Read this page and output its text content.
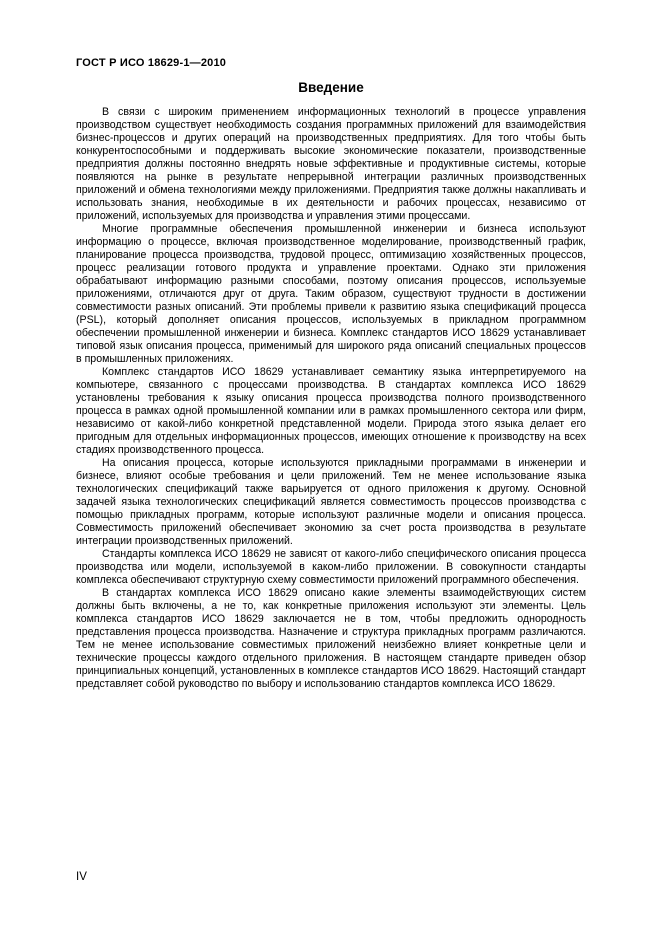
ГОСТ Р ИСО 18629-1—2010
Введение

В связи с широким применением информационных технологий в процессе управления производством существует необходимость создания программных приложений для взаимодействия бизнес-процессов и других операций на производственных предприятиях. Для того чтобы быть конкурентоспособными и поддерживать высокие экономические показатели, производственные предприятия должны постоянно внедрять новые эффективные и продуктивные системы, которые появляются на рынке в результате непрерывной интеграции различных производственных приложений и обмена технологиями между приложениями. Предприятия также должны накапливать и использовать знания, необходимые в их деятельности и рабочих процессах, независимо от приложений, используемых для производства и управления этими процессами.

Многие программные обеспечения промышленной инженерии и бизнеса используют информацию о процессе, включая производственное моделирование, производственный график, планирование процесса производства, трудовой процесс, оптимизацию хозяйственных процессов, процесс реализации готового продукта и управление проектами. Однако эти приложения обрабатывают информацию разными способами, поэтому описания процессов, используемые приложениями, отличаются друг от друга. Таким образом, существуют трудности в достижении совместимости разных описаний. Эти проблемы привели к развитию языка спецификаций процесса (PSL), который дополняет описания процессов, используемых в прикладном программном обеспечении промышленной инженерии и бизнеса. Комплекс стандартов ИСО 18629 устанавливает типовой язык описания процесса, применимый для широкого ряда описаний специальных процессов в промышленных приложениях.

Комплекс стандартов ИСО 18629 устанавливает семантику языка интерпретируемого на компьютере, связанного с процессами производства. В стандартах комплекса ИСО 18629 установлены требования к языку описания процесса производства полного производственного процесса в рамках одной промышленной компании или в рамках промышленного сектора или фирм, независимо от какой-либо конкретной представленной модели. Природа этого языка делает его пригодным для отдельных информационных процессов, имеющих отношение к производству на всех стадиях производственного процесса.

На описания процесса, которые используются прикладными программами в инженерии и бизнесе, влияют особые требования и цели приложений. Тем не менее использование языка технологических спецификаций также варьируется от одного приложения к другому. Основной задачей языка технологических спецификаций является совместимость процессов производства с помощью прикладных программ, которые используют различные модели и описания процесса. Совместимость приложений обеспечивает экономию за счет роста производства в результате интеграции производственных приложений.

Стандарты комплекса ИСО 18629 не зависят от какого-либо специфического описания процесса производства или модели, используемой в каком-либо приложении. В совокупности стандарты комплекса обеспечивают структурную схему совместимости приложений программного обеспечения.

В стандартах комплекса ИСО 18629 описано какие элементы взаимодействующих систем должны быть включены, а не то, как конкретные приложения используют эти элементы. Цель комплекса стандартов ИСО 18629 заключается не в том, чтобы предложить однородность представления процесса производства. Назначение и структура прикладных программ различаются. Тем не менее использование совместимых приложений неизбежно влияет конкретные цели и технические процессы каждого отдельного приложения. В настоящем стандарте приведен обзор принципиальных концепций, установленных в комплексе стандартов ИСО 18629. Настоящий стандарт представляет собой руководство по выбору и использованию стандартов комплекса ИСО 18629.

IV
